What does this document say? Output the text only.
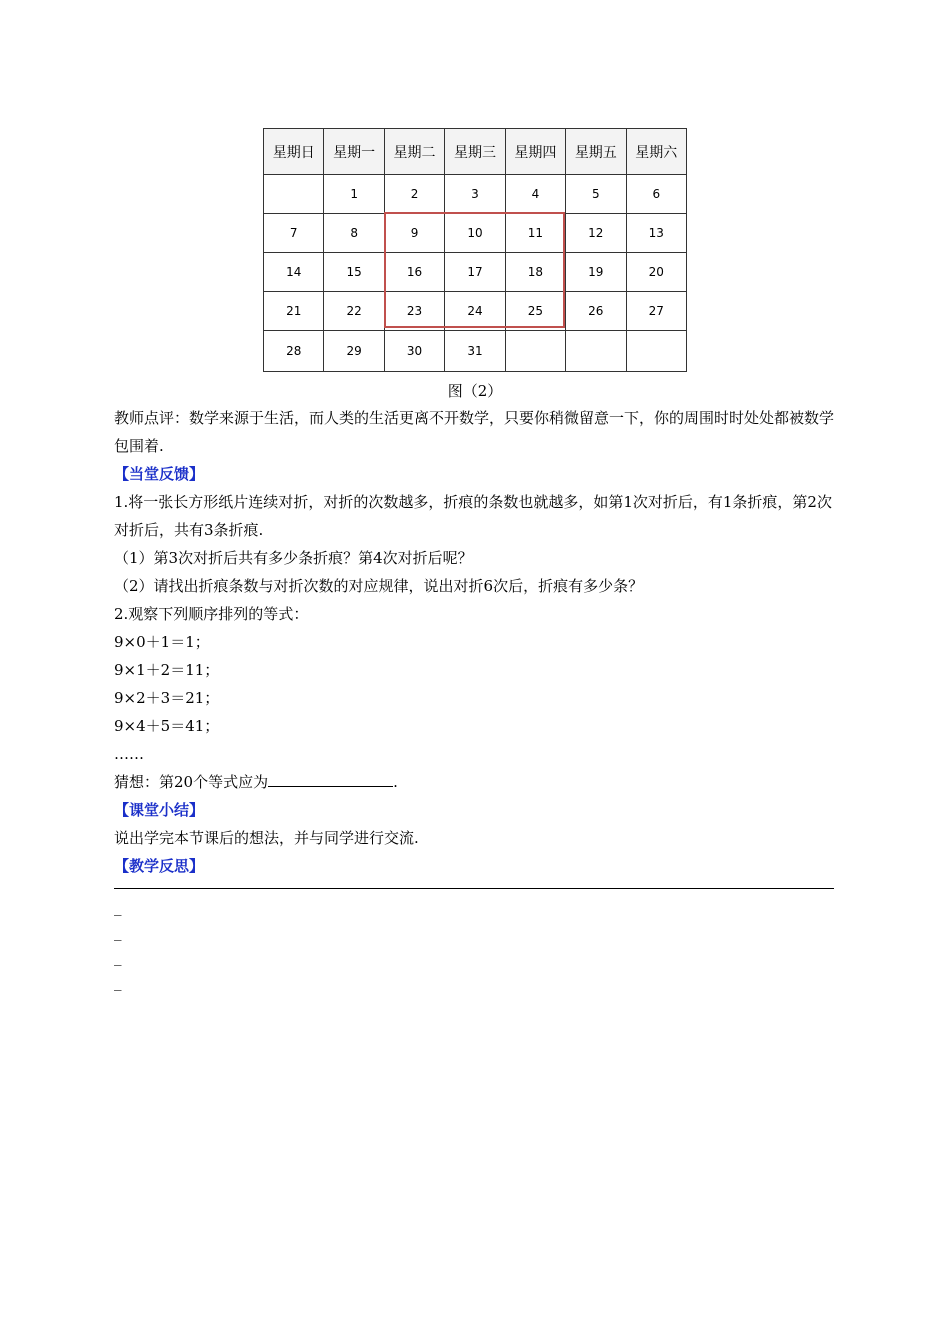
星期日	星期一	星期二	星期三	星期四	星期五	星期六
	1	2	3	4	5	6
7	8	9	10	11	12	13
14	15	16	17	18	19	20
21	22	23	24	25	26	27
28	29	30	31			
图（2）

教师点评：数学来源于生活，而人类的生活更离不开数学，只要你稍微留意一下，你的周围时时处处都被数学包围着.

【当堂反馈】

1.将一张长方形纸片连续对折，对折的次数越多，折痕的条数也就越多，如第1次对折后，有1条折痕，第2次对折后，共有3条折痕.

（1）第3次对折后共有多少条折痕？第4次对折后呢？

（2）请找出折痕条数与对折次数的对应规律，说出对折6次后，折痕有多少条？

2.观察下列顺序排列的等式：

9×0＋1＝1；

9×1＋2＝11；

9×2＋3＝21；

9×4＋5＝41；

……

猜想：第20个等式应为	.

【课堂小结】

说出学完本节课后的想法，并与同学进行交流.

【教学反思】

_

_

_

_
